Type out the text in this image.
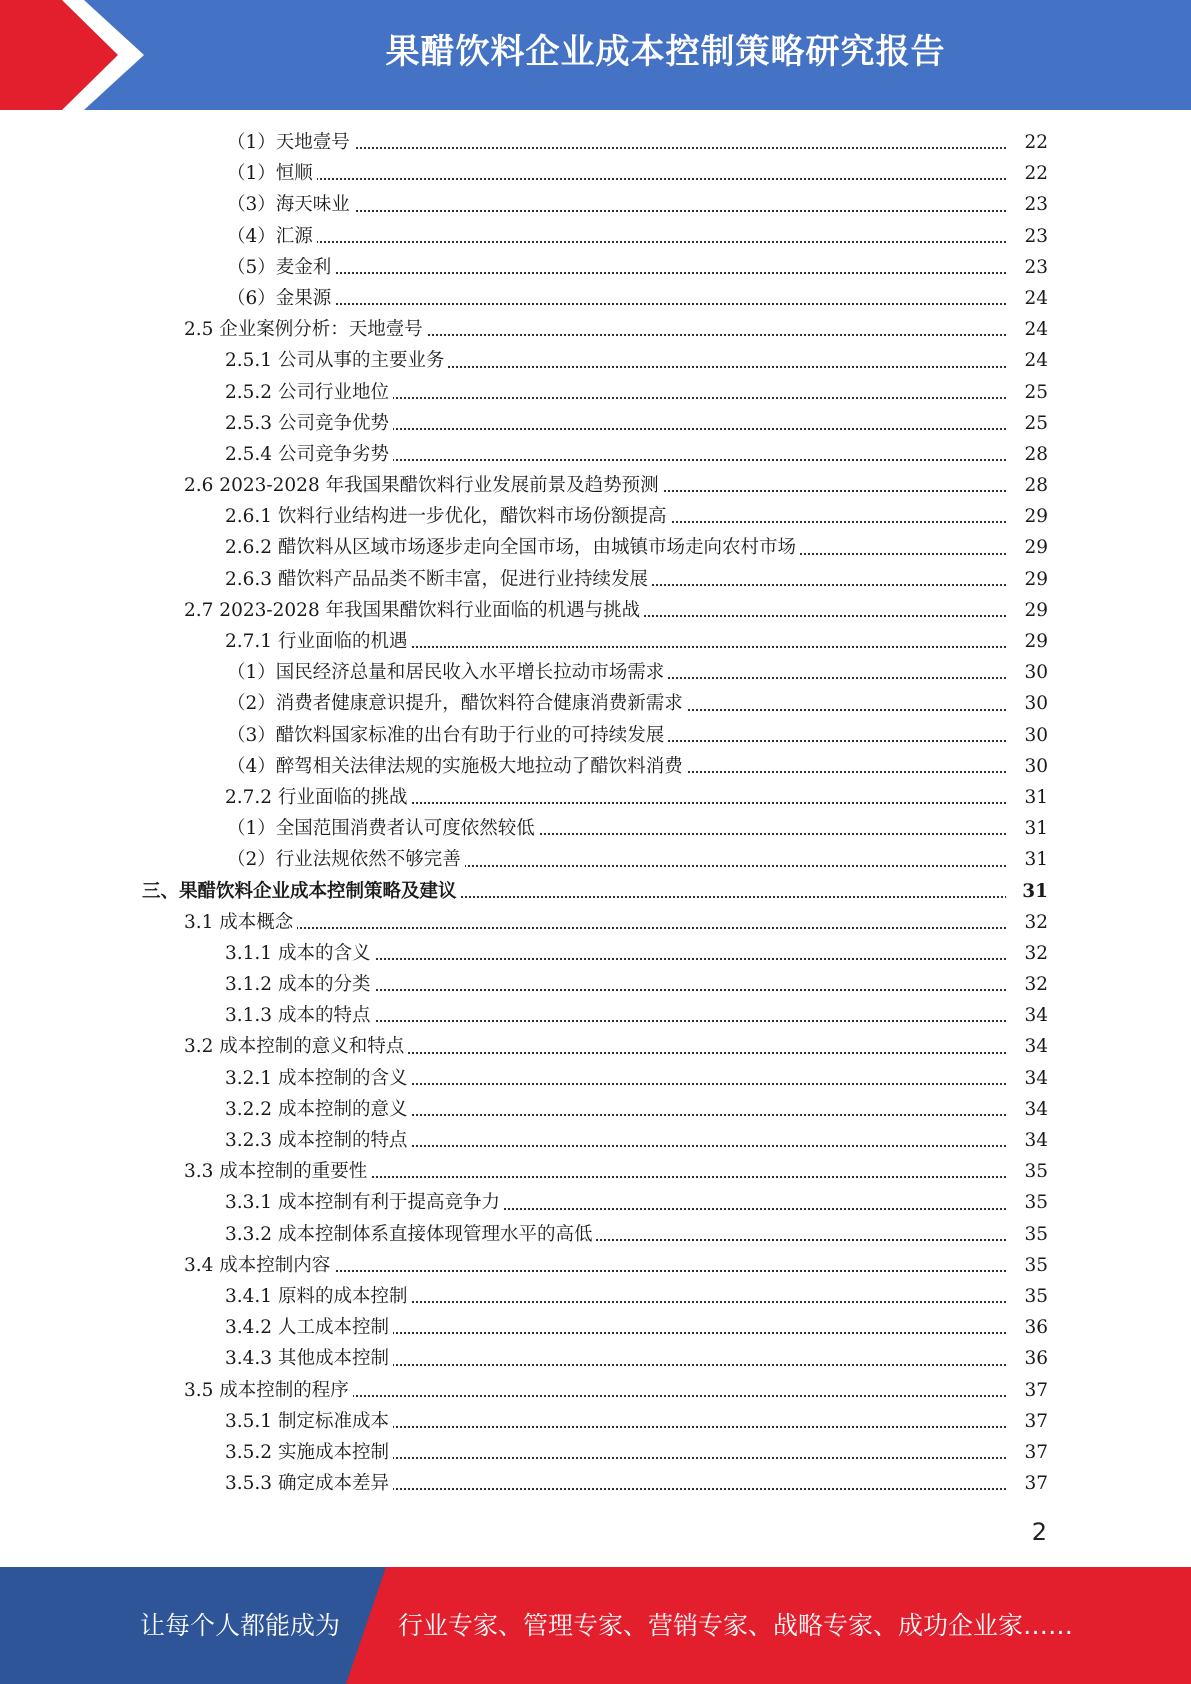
果醋饮料企业成本控制策略研究报告
（1）天地壹号	22
（1）恒顺	22
（3）海天味业	23
（4）汇源	23
（5）麦金利	23
（6）金果源	24
2.5 企业案例分析：天地壹号	24
2.5.1 公司从事的主要业务	24
2.5.2 公司行业地位	25
2.5.3 公司竞争优势	25
2.5.4 公司竞争劣势	28
2.6 2023-2028 年我国果醋饮料行业发展前景及趋势预测	28
2.6.1 饮料行业结构进一步优化，醋饮料市场份额提高	29
2.6.2 醋饮料从区域市场逐步走向全国市场，由城镇市场走向农村市场	29
2.6.3 醋饮料产品品类不断丰富，促进行业持续发展	29
2.7 2023-2028 年我国果醋饮料行业面临的机遇与挑战	29
2.7.1 行业面临的机遇	29
（1）国民经济总量和居民收入水平增长拉动市场需求	30
（2）消费者健康意识提升，醋饮料符合健康消费新需求	30
（3）醋饮料国家标准的出台有助于行业的可持续发展	30
（4）醉驾相关法律法规的实施极大地拉动了醋饮料消费	30
2.7.2 行业面临的挑战	31
（1）全国范围消费者认可度依然较低	31
（2）行业法规依然不够完善	31
三、果醋饮料企业成本控制策略及建议	31
3.1 成本概念	32
3.1.1 成本的含义	32
3.1.2 成本的分类	32
3.1.3 成本的特点	34
3.2 成本控制的意义和特点	34
3.2.1 成本控制的含义	34
3.2.2 成本控制的意义	34
3.2.3 成本控制的特点	34
3.3 成本控制的重要性	35
3.3.1 成本控制有利于提高竞争力	35
3.3.2 成本控制体系直接体现管理水平的高低	35
3.4 成本控制内容	35
3.4.1 原料的成本控制	35
3.4.2 人工成本控制	36
3.4.3 其他成本控制	36
3.5 成本控制的程序	37
3.5.1 制定标准成本	37
3.5.2 实施成本控制	37
3.5.3 确定成本差异	37
2
让每个人都能成为 行业专家、管理专家、营销专家、战略专家、成功企业家……
